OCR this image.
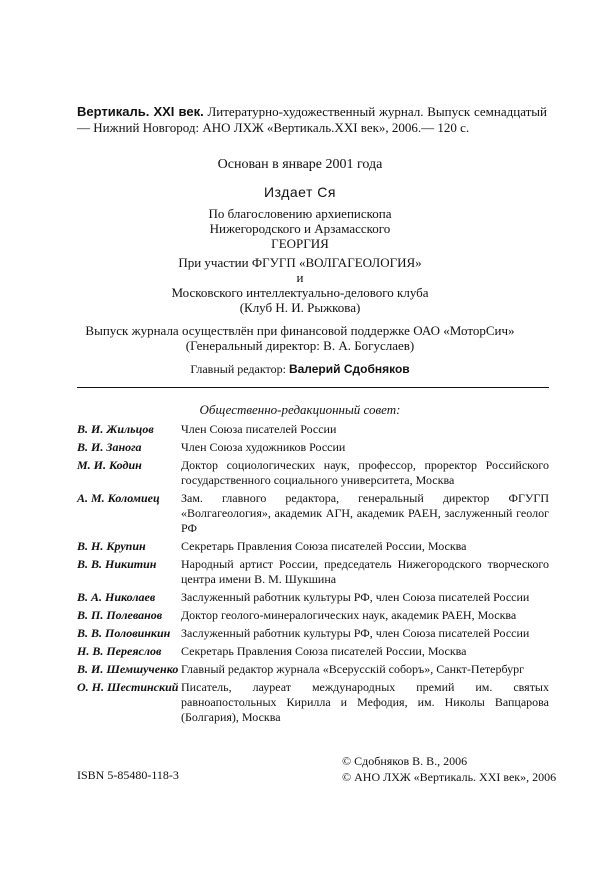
Вертикаль. XXI век. Литературно-художественный журнал. Выпуск семнадцатый — Нижний Новгород: АНО ЛХЖ «Вертикаль.XXI век», 2006.— 120 с.
Основан в январе 2001 года
Издает Ся
По благословению архиепископа
Нижегородского и Арзамасского
ГЕОРГИЯ
При участии ФГУГП «ВОЛГАГЕОЛОГИЯ»
и
Московского интеллектуально-делового клуба
(Клуб Н. И. Рыжкова)
Выпуск журнала осуществлён при финансовой поддержке ОАО «МоторСич»
(Генеральный директор: В. А. Богуслаев)
Главный редактор: Валерий Сдобняков
Общественно-редакционный совет:
В. И. Жильцов	Член Союза писателей России
В. И. Занога	Член Союза художников России
М. И. Кодин	Доктор социологических наук, профессор, проректор Российского государственного социального университета, Москва
А. М. Коломиец	Зам. главного редактора, генеральный директор ФГУГП «Волгагеология», академик АГН, академик РАЕН, заслуженный геолог РФ
В. Н. Крупин	Секретарь Правления Союза писателей России, Москва
В. В. Никитин	Народный артист России, председатель Нижегородского творческого центра имени В. М. Шукшина
В. А. Николаев	Заслуженный работник культуры РФ, член Союза писателей России
В. П. Полеванов	Доктор геолого-минералогических наук, академик РАЕН, Москва
В. В. Половинкин Заслуженный работник культуры РФ, член Союза писателей России
Н. В. Переяслов	Секретарь Правления Союза писателей России, Москва
В. И. Шемшученко Главный редактор журнала «Всерусскій соборъ», Санкт-Петербург
О. Н. Шестинский Писатель, лауреат международных премий им. святых равноапостольных Кирилла и Мефодия, им. Николы Вапцарова (Болгария), Москва
ISBN 5-85480-118-3
© Сдобняков В. В., 2006
© АНО ЛХЖ «Вертикаль. XXI век», 2006
